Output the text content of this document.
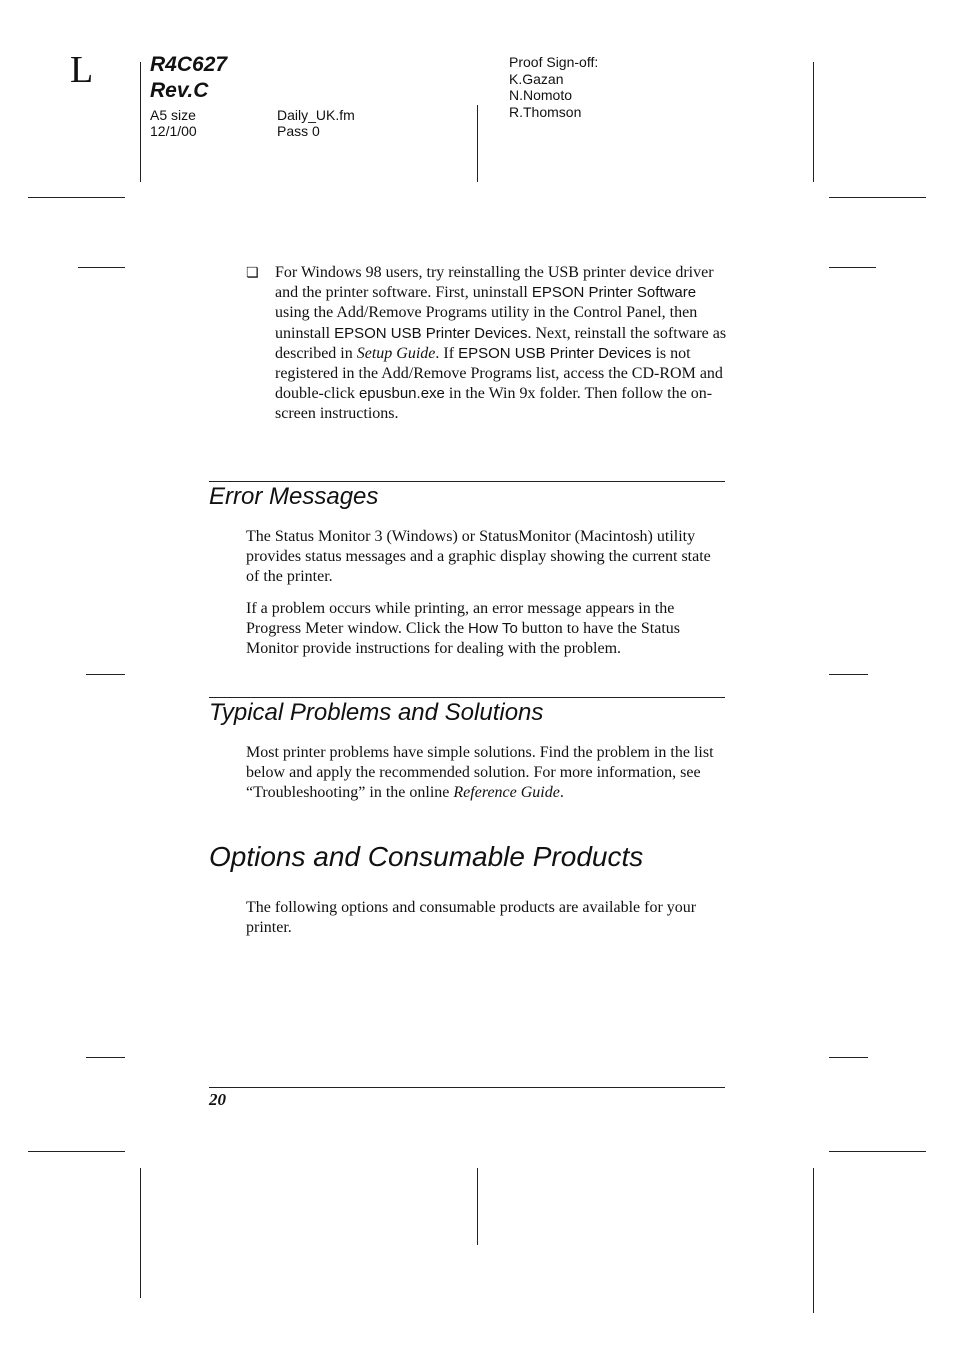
L	R4C627
Rev.C
A5 size
12/1/00
Daily_UK.fm
Pass 0
Proof Sign-off:
K.Gazan
N.Nomoto
R.Thomson
❏ For Windows 98 users, try reinstalling the USB printer device driver and the printer software. First, uninstall EPSON Printer Software using the Add/Remove Programs utility in the Control Panel, then uninstall EPSON USB Printer Devices. Next, reinstall the software as described in Setup Guide. If EPSON USB Printer Devices is not registered in the Add/Remove Programs list, access the CD-ROM and double-click epusbun.exe in the Win 9x folder. Then follow the on-screen instructions.
Error Messages

The Status Monitor 3 (Windows) or StatusMonitor (Macintosh) utility provides status messages and a graphic display showing the current state of the printer.

If a problem occurs while printing, an error message appears in the Progress Meter window. Click the How To button to have the Status Monitor provide instructions for dealing with the problem.

Typical Problems and Solutions

Most printer problems have simple solutions. Find the problem in the list below and apply the recommended solution. For more information, see “Troubleshooting” in the online Reference Guide.

Options and Consumable Products

The following options and consumable products are available for your printer.

20
